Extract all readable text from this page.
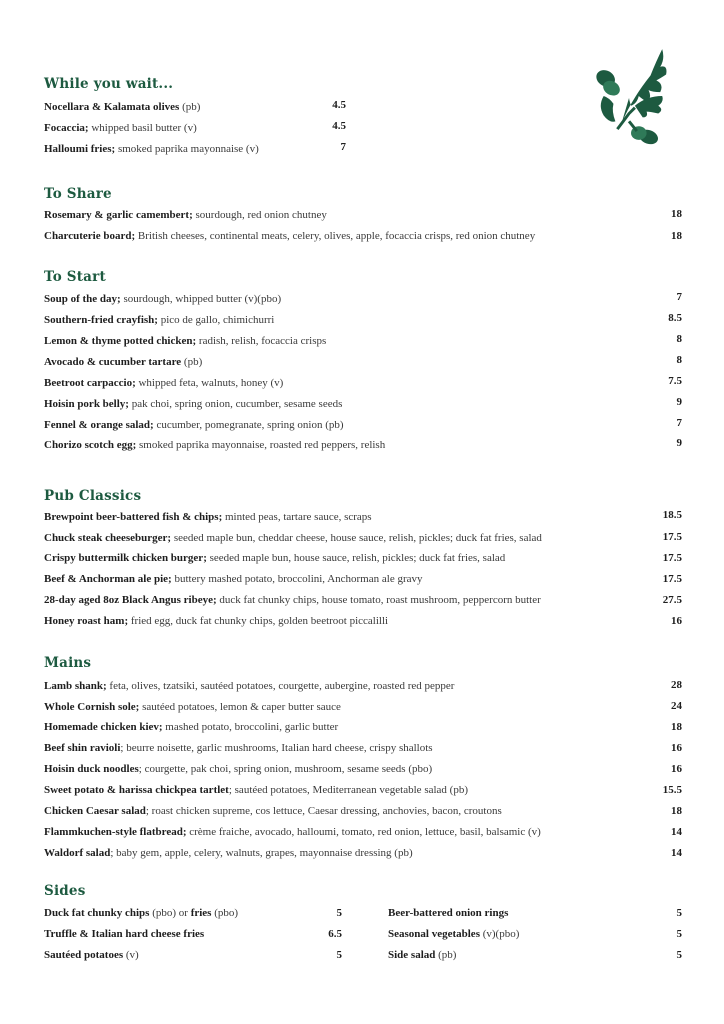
While you wait...
Nocellara & Kalamata olives (pb)	4.5
Focaccia; whipped basil butter (v)	4.5
Halloumi fries; smoked paprika mayonnaise (v)	7
To Share
Rosemary & garlic camembert; sourdough, red onion chutney	18
Charcuterie board; British cheeses, continental meats, celery, olives, apple, focaccia crisps, red onion chutney	18
To Start
Soup of the day; sourdough, whipped butter (v)(pbo)	7
Southern-fried crayfish; pico de gallo, chimichurri	8.5
Lemon & thyme potted chicken; radish, relish, focaccia crisps	8
Avocado & cucumber tartare (pb)	8
Beetroot carpaccio; whipped feta, walnuts, honey (v)	7.5
Hoisin pork belly; pak choi, spring onion, cucumber, sesame seeds	9
Fennel & orange salad; cucumber, pomegranate, spring onion (pb)	7
Chorizo scotch egg; smoked paprika mayonnaise, roasted red peppers, relish	9
Pub Classics
Brewpoint beer-battered fish & chips; minted peas, tartare sauce, scraps	18.5
Chuck steak cheeseburger; seeded maple bun, cheddar cheese, house sauce, relish, pickles; duck fat fries, salad	17.5
Crispy buttermilk chicken burger; seeded maple bun, house sauce, relish, pickles; duck fat fries, salad	17.5
Beef & Anchorman ale pie; buttery mashed potato, broccolini, Anchorman ale gravy	17.5
28-day aged 8oz Black Angus ribeye; duck fat chunky chips, house tomato, roast mushroom, peppercorn butter	27.5
Honey roast ham; fried egg, duck fat chunky chips, golden beetroot piccalilli	16
Mains
Lamb shank; feta, olives, tzatsiki, sautéed potatoes, courgette, aubergine, roasted red pepper	28
Whole Cornish sole; sautéed potatoes, lemon & caper butter sauce	24
Homemade chicken kiev; mashed potato, broccolini, garlic butter	18
Beef shin ravioli; beurre noisette, garlic mushrooms, Italian hard cheese, crispy shallots	16
Hoisin duck noodles; courgette, pak choi, spring onion, mushroom, sesame seeds (pbo)	16
Sweet potato & harissa chickpea tartlet; sautéed potatoes, Mediterranean vegetable salad (pb)	15.5
Chicken Caesar salad; roast chicken supreme, cos lettuce, Caesar dressing, anchovies, bacon, croutons	18
Flammkuchen-style flatbread; crème fraiche, avocado, halloumi, tomato, red onion, lettuce, basil, balsamic (v)	14
Waldorf salad; baby gem, apple, celery, walnuts, grapes, mayonnaise dressing (pb)	14
Sides
Duck fat chunky chips (pbo) or fries (pbo)	5
Truffle & Italian hard cheese fries	6.5
Sautéed potatoes (v)	5
Beer-battered onion rings	5
Seasonal vegetables (v)(pbo)	5
Side salad (pb)	5
